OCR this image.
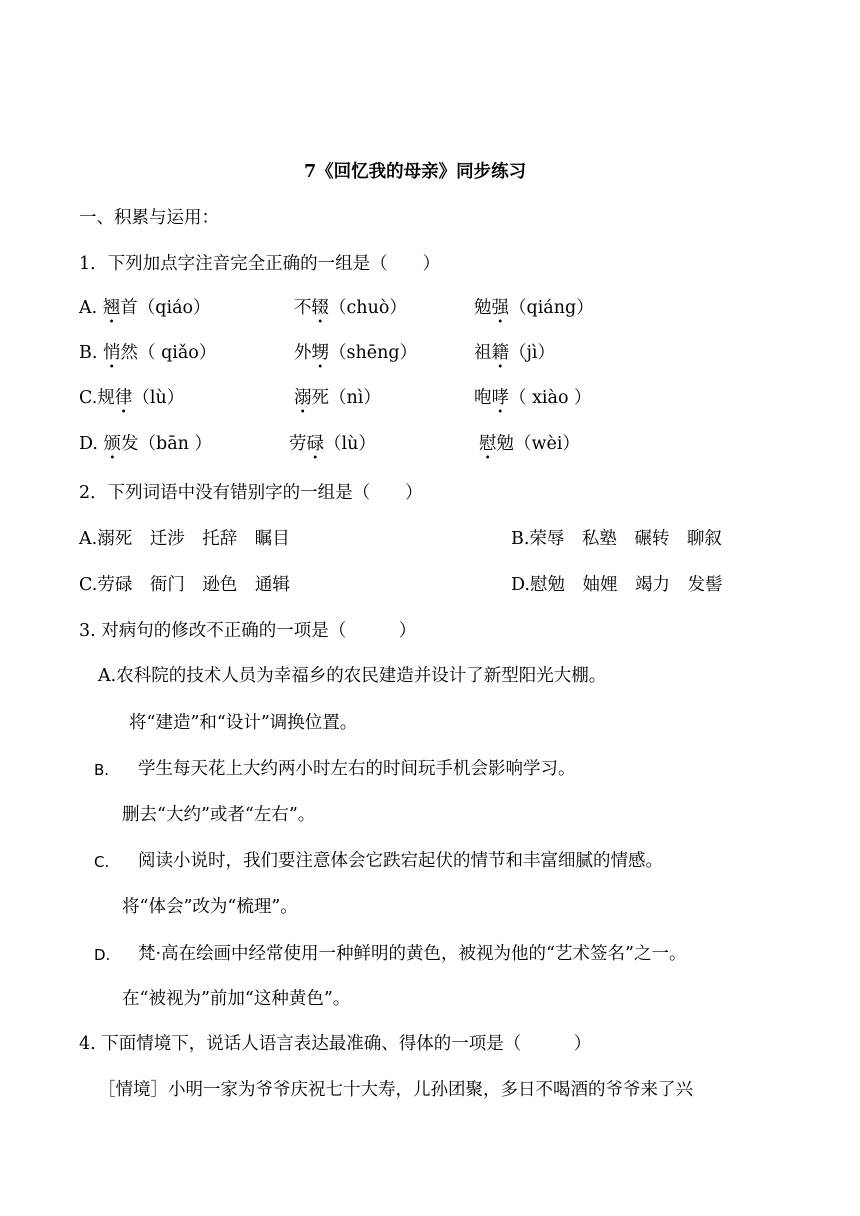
7《回忆我的母亲》同步练习
一、积累与运用：
1．下列加点字注音完全正确的一组是（　　）
A. 翘首（qiáo）	不辍（chuò）	勉强（qiáng）
B. 悄然（ qiǎo）	外甥（shēng）	祖籍（jì）
C.规律（lù）	溺死（nì）	咆哮（ xiào ）
D. 颁发（bān ）	劳碌（lù）	慰勉（wèi）
2．下列词语中没有错别字的一组是（　　）
A.溺死　迁涉　托辞　瞩目	B.荣辱　私塾　碾转　聊叙
C.劳碌　衙门　逊色　通辑	D.慰勉　妯娌　竭力　发髻
3. 对病句的修改不正确的一项是（　　　）
A.农科院的技术人员为幸福乡的农民建造并设计了新型阳光大棚。
将“建造”和“设计”调换位置。
B. 学生每天花上大约两小时左右的时间玩手机会影响学习。
删去“大约”或者“左右”。
C. 阅读小说时，我们要注意体会它跌宕起伏的情节和丰富细腻的情感。
将“体会”改为“梳理”。
D. 梵·高在绘画中经常使用一种鲜明的黄色，被视为他的“艺术签名”之一。
在“被视为”前加“这种黄色”。
4. 下面情境下，说话人语言表达最准确、得体的一项是（　　　）
［情境］小明一家为爷爷庆祝七十大寿，儿孙团聚，多日不喝酒的爷爷来了兴
